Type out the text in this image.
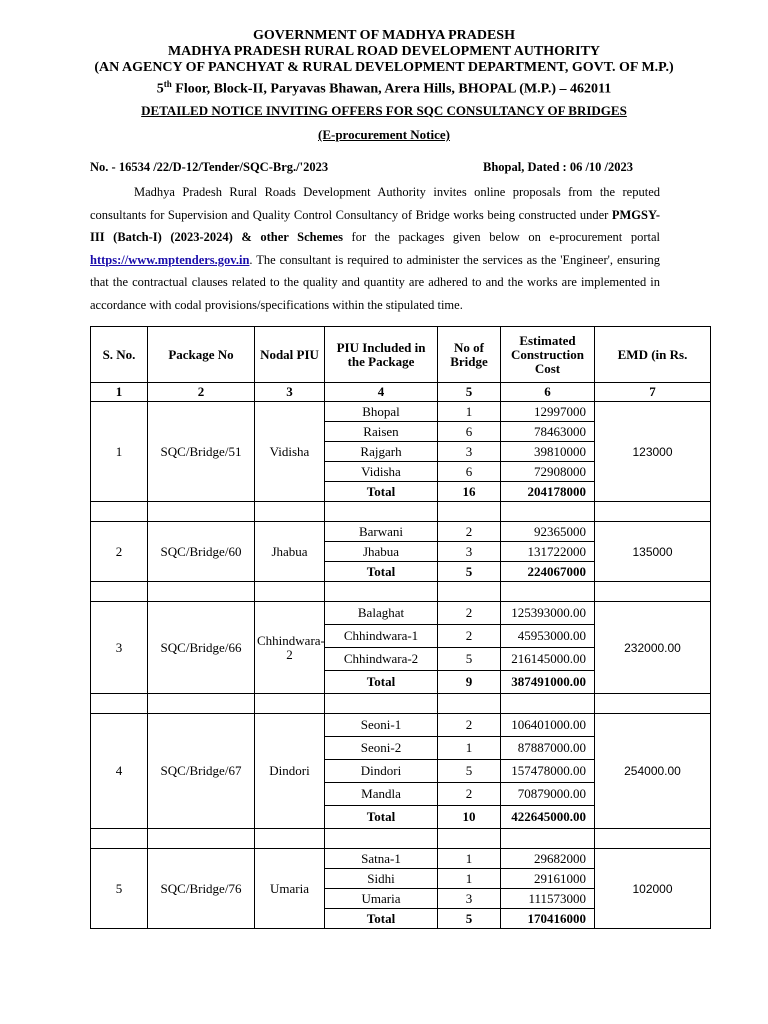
GOVERNMENT OF MADHYA PRADESH
MADHYA PRADESH RURAL ROAD DEVELOPMENT AUTHORITY
(AN AGENCY OF PANCHYAT & RURAL DEVELOPMENT DEPARTMENT, GOVT. OF M.P.)
5th Floor, Block-II, Paryavas Bhawan, Arera Hills, BHOPAL (M.P.) – 462011
DETAILED NOTICE INVITING OFFERS FOR SQC CONSULTANCY OF BRIDGES
(E-procurement Notice)
No. - 16534 /22/D-12/Tender/SQC-Brg./'2023	Bhopal, Dated : 06 /10 /2023
Madhya Pradesh Rural Roads Development Authority invites online proposals from the reputed consultants for Supervision and Quality Control Consultancy of Bridge works being constructed under PMGSY-III (Batch-I) (2023-2024) & other Schemes for the packages given below on e-procurement portal https://www.mptenders.gov.in. The consultant is required to administer the services as the 'Engineer', ensuring that the contractual clauses related to the quality and quantity are adhered to and the works are implemented in accordance with codal provisions/specifications within the stipulated time.
S. No.	Package No	Nodal PIU	PIU Included in the Package	No of Bridge	Estimated Construction Cost	EMD (in Rs.
1	2	3	4	5	6	7
1	SQC/Bridge/51	Vidisha	Bhopal	1	12997000	123000
			Raisen	6	78463000	
			Rajgarh	3	39810000	
			Vidisha	6	72908000	
			Total	16	204178000	

2	SQC/Bridge/60	Jhabua	Barwani	2	92365000	135000
			Jhabua	3	131722000	
			Total	5	224067000	

3	SQC/Bridge/66	Chhindwara-2	Balaghat	2	125393000.00	232000.00
			Chhindwara-1	2	45953000.00	
			Chhindwara-2	5	216145000.00	
			Total	9	387491000.00	

4	SQC/Bridge/67	Dindori	Seoni-1	2	106401000.00	254000.00
			Seoni-2	1	87887000.00	
			Dindori	5	157478000.00	
			Mandla	2	70879000.00	
			Total	10	422645000.00	

5	SQC/Bridge/76	Umaria	Satna-1	1	29682000	102000
			Sidhi	1	29161000	
			Umaria	3	111573000	
			Total	5	170416000	
